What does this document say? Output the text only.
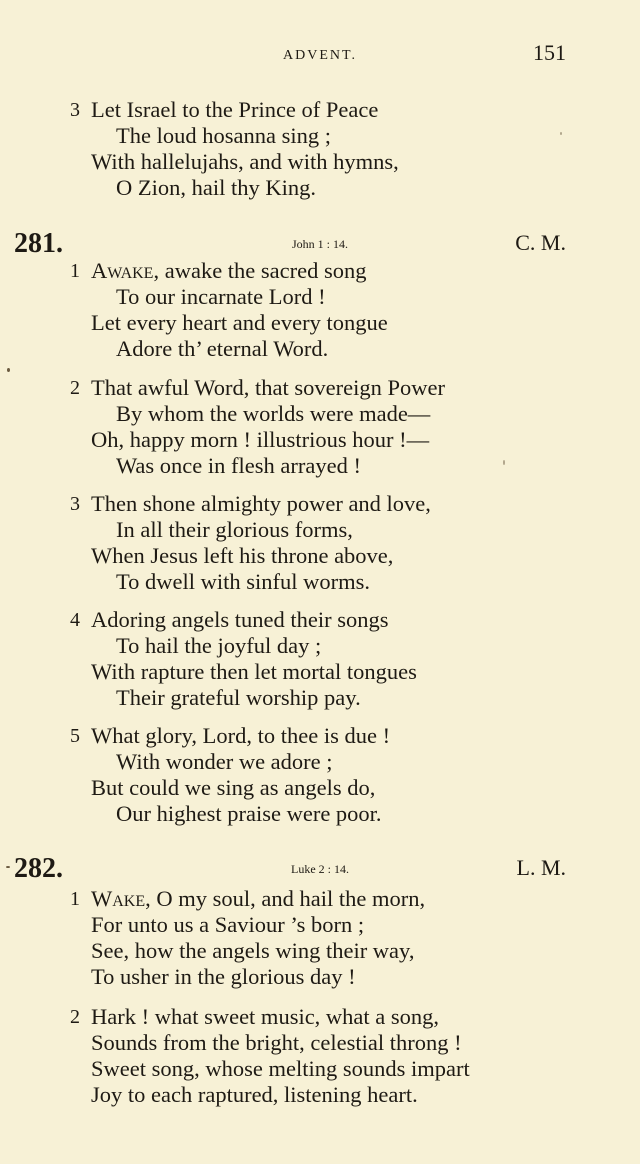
ADVENT.	151
3 Let Israel to the Prince of Peace
The loud hosanna sing ;
With hallelujahs, and with hymns,
O Zion, hail thy King.
281.	John 1 : 14.	C. M.
1 Awake, awake the sacred song
To our incarnate Lord !
Let every heart and every tongue
Adore th’ eternal Word.
2 That awful Word, that sovereign Power
By whom the worlds were made—
Oh, happy morn ! illustrious hour !—
Was once in flesh arrayed !
3 Then shone almighty power and love,
In all their glorious forms,
When Jesus left his throne above,
To dwell with sinful worms.
4 Adoring angels tuned their songs
To hail the joyful day ;
With rapture then let mortal tongues
Their grateful worship pay.
5 What glory, Lord, to thee is due !
With wonder we adore ;
But could we sing as angels do,
Our highest praise were poor.
282.	Luke 2 : 14.	L. M.
1 Wake, O my soul, and hail the morn,
For unto us a Saviour ’s born ;
See, how the angels wing their way,
To usher in the glorious day !
2 Hark ! what sweet music, what a song,
Sounds from the bright, celestial throng !
Sweet song, whose melting sounds impart
Joy to each raptured, listening heart.
